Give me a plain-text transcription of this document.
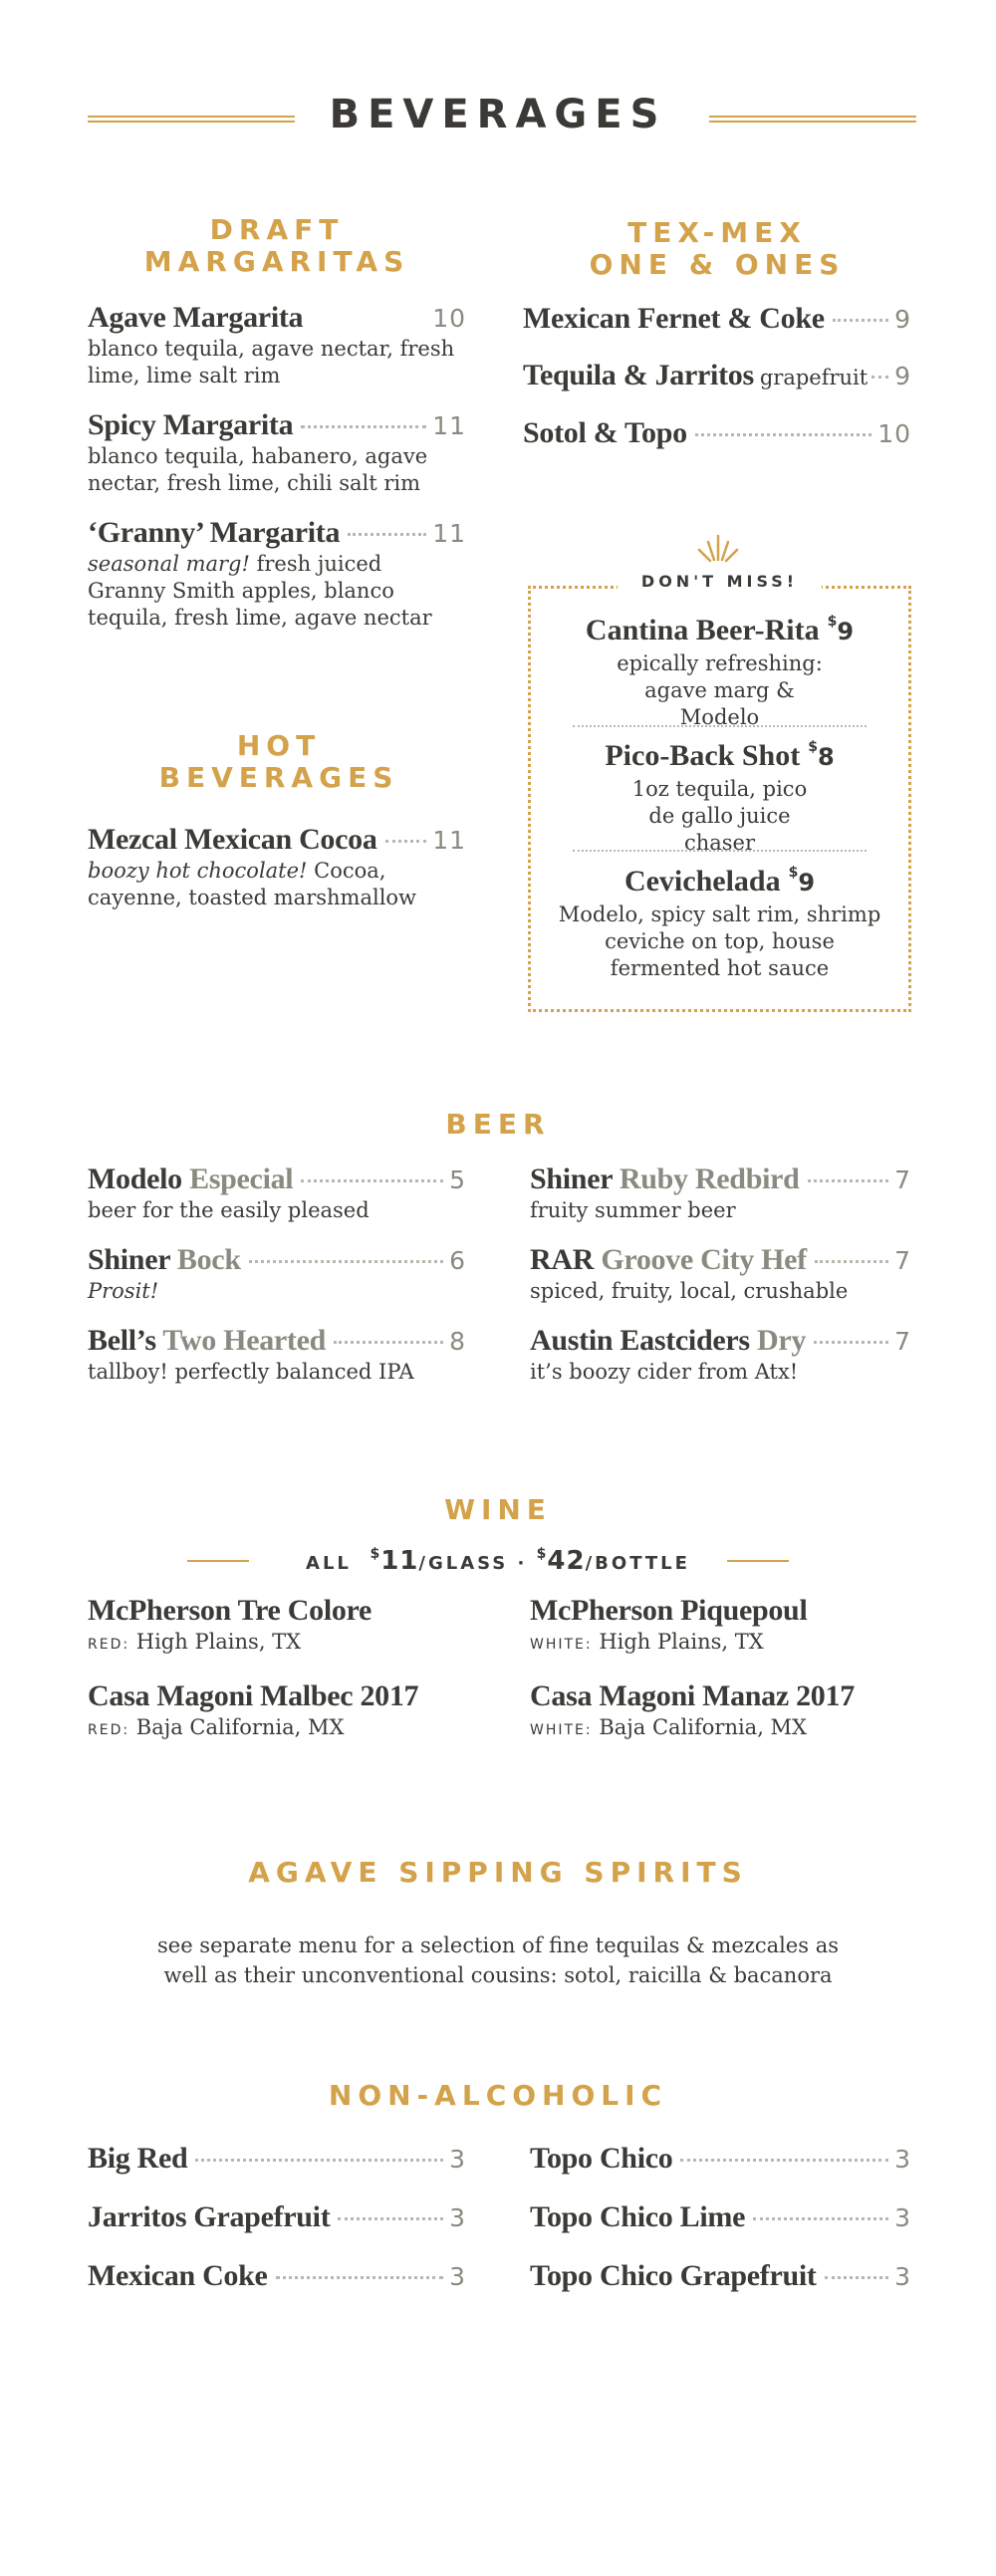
BEVERAGES
DRAFT MARGARITAS
Agave Margarita	10
blanco tequila, agave nectar, fresh lime, lime salt rim
Spicy Margarita	11
blanco tequila, habanero, agave nectar, fresh lime, chili salt rim
‘Granny’ Margarita	11
seasonal marg! fresh juiced Granny Smith apples, blanco tequila, fresh lime, agave nectar
TEX-MEX
ONE & ONES
Mexican Fernet & Coke	9
Tequila & Jarritos grapefruit 9
Sotol & Topo	10
HOT BEVERAGES
Mezcal Mexican Cocoa 11
boozy hot chocolate! Cocoa, cayenne, toasted marshmallow
DON'T MISS!
Cantina Beer-Rita $9
epically refreshing: agave marg & Modelo
Pico-Back Shot $8
1oz tequila, pico de gallo juice chaser
Cevichelada $9
Modelo, spicy salt rim, shrimp ceviche on top, house fermented hot sauce
BEER
Modelo Especial	5
beer for the easily pleased
Shiner Bock	6
Prosit!
Bell’s Two Hearted	8
tallboy! perfectly balanced IPA
Shiner Ruby Redbird	7
fruity summer beer
RAR Groove City Hef	7
spiced, fruity, local, crushable
Austin Eastciders Dry	7
it’s boozy cider from Atx!
WINE
ALL $11/GLASS · $42/BOTTLE
McPherson Tre Colore
RED: High Plains, TX
Casa Magoni Malbec 2017
RED: Baja California, MX
McPherson Piquepoul
WHITE: High Plains, TX
Casa Magoni Manaz 2017
WHITE: Baja California, MX
AGAVE SIPPING SPIRITS
see separate menu for a selection of fine tequilas & mezcales as
well as their unconventional cousins: sotol, raicilla & bacanora
NON-ALCOHOLIC
Big Red	3
Jarritos Grapefruit	3
Mexican Coke	3
Topo Chico	3
Topo Chico Lime	3
Topo Chico Grapefruit	3
